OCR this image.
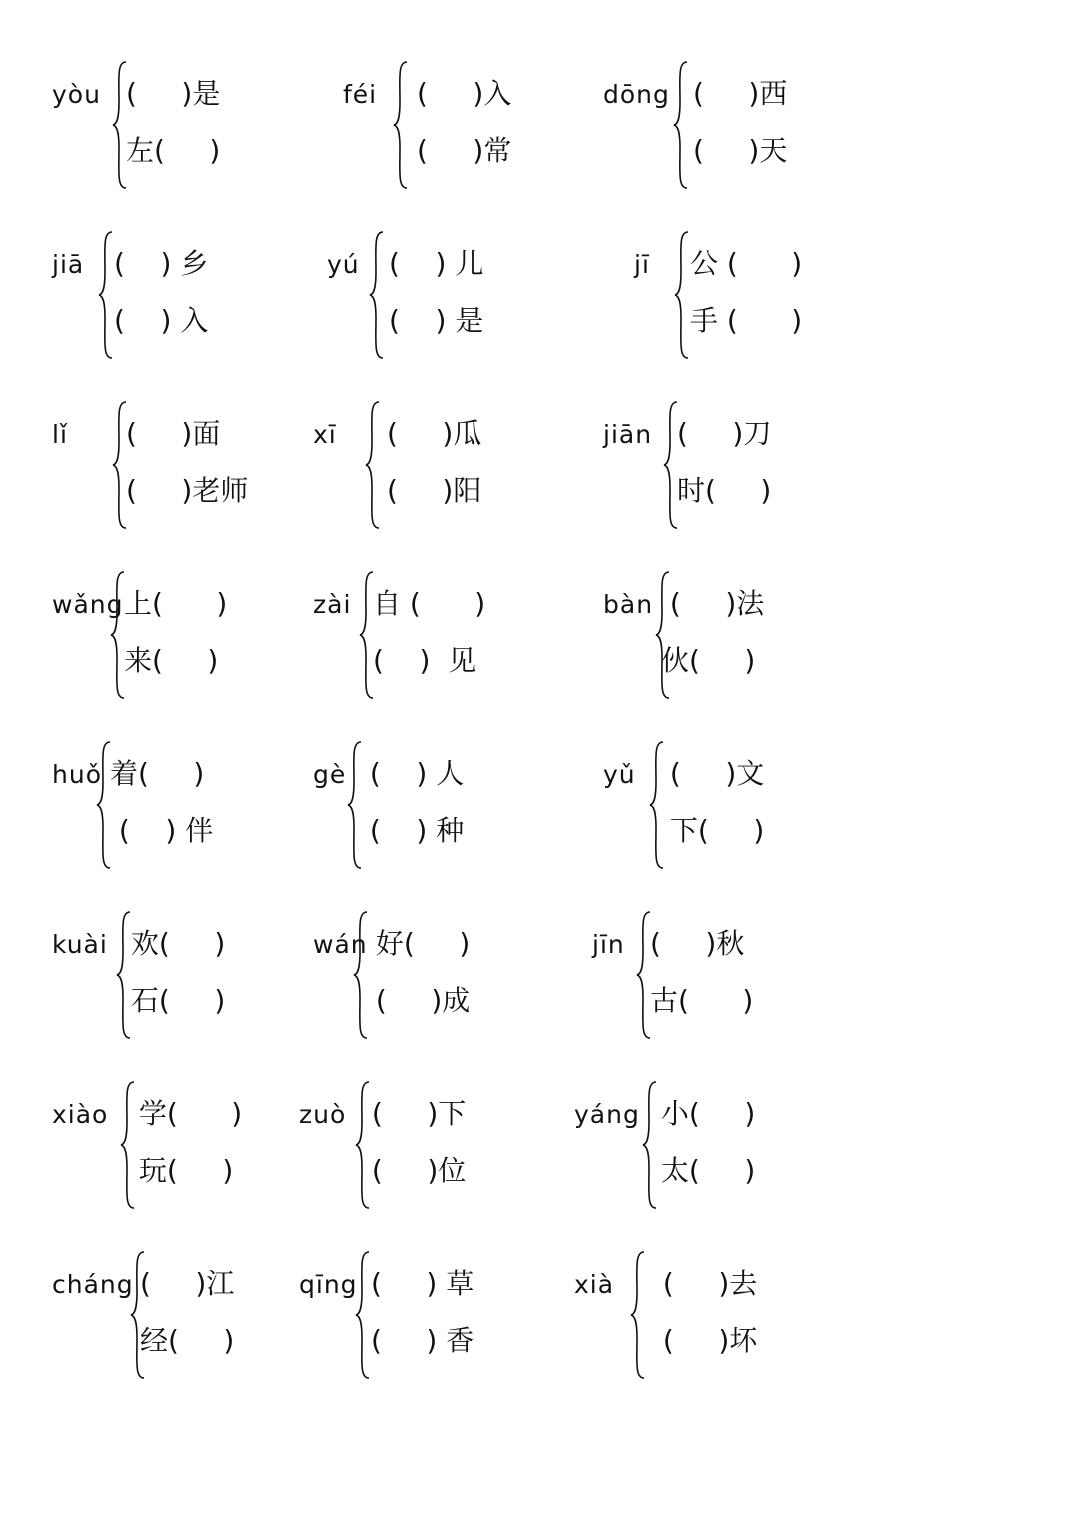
yòu (     )是
左(     )
féi (     )入
(     )常
dōng (     )西
(     )天
jiā (    ) 乡
(    ) 入
yú (    ) 儿
(    ) 是
jī 公 (      )
手 (      )
lǐ (     )面
(     )老师
xī (     )瓜
(     )阳
jiān (     )刀
时(     )
wǎng 上(      )
来(     )
zài 自 (      )
(    )  见
bàn (     )法
伙(     )
huǒ 着(     )
(    ) 伴
gè (    ) 人
(    ) 种
yǔ (     )文
下(     )
kuài 欢(     )
石(     )
wán 好(     )
(     )成
jīn (     )秋
古(      )
xiào 学(      )
玩(     )
zuò (     )下
(     )位
yáng 小(     )
太(     )
cháng (     )江
经(     )
qīng (     ) 草
(     ) 香
xià (     )去
(     )坏
